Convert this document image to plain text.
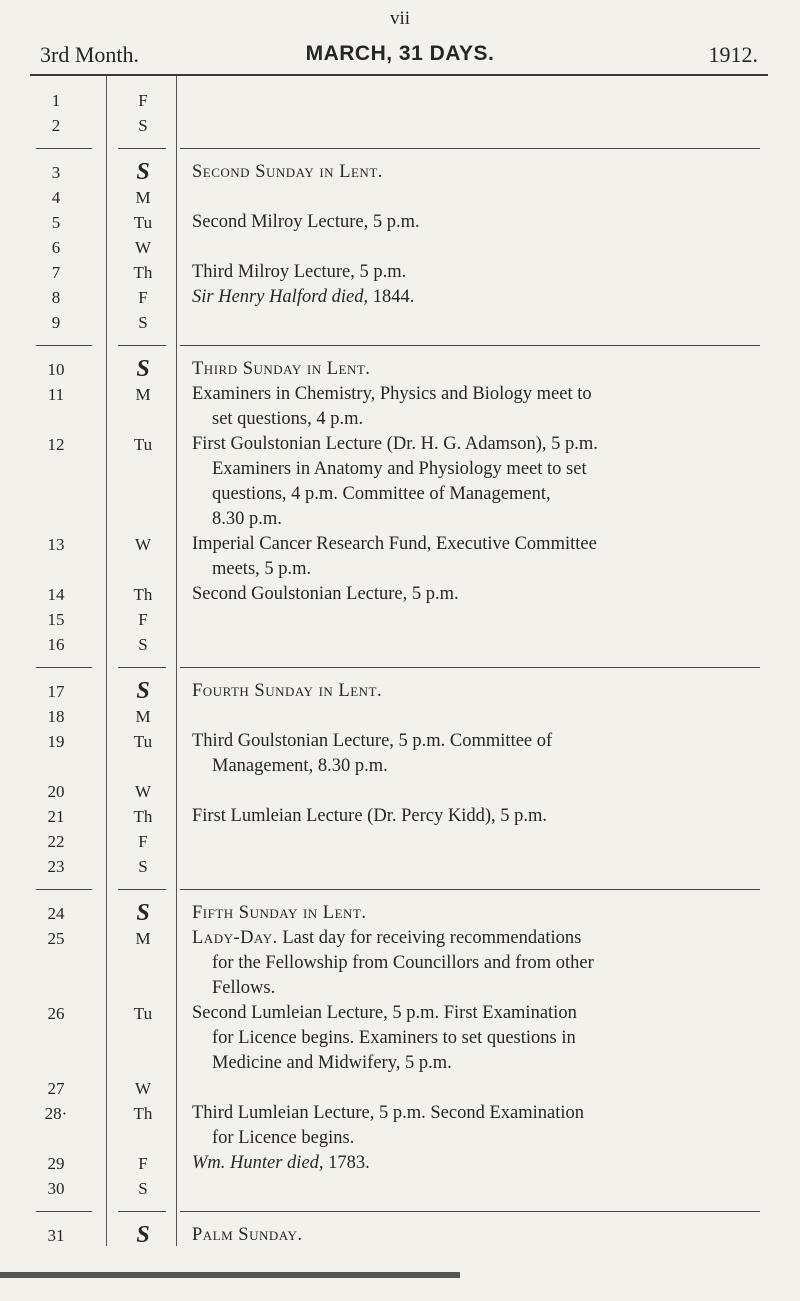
vii
3rd Month.	MARCH, 31 DAYS.	1912.
1	F
2	S
3	S	Second Sunday in Lent.
4	M
5	Tu	Second Milroy Lecture, 5 p.m.
6	W
7	Th	Third Milroy Lecture, 5 p.m.
8	F	Sir Henry Halford died, 1844.
9	S
10	S	Third Sunday in Lent.
11	M	Examiners in Chemistry, Physics and Biology meet to
set questions, 4 p.m.
12	Tu	First Goulstonian Lecture (Dr. H. G. Adamson), 5 p.m.
Examiners in Anatomy and Physiology meet to set
questions, 4 p.m. Committee of Management,
8.30 p.m.
13	W	Imperial Cancer Research Fund, Executive Committee
meets, 5 p.m.
14	Th	Second Goulstonian Lecture, 5 p.m.
15	F
16	S
17	S	Fourth Sunday in Lent.
18	M
19	Tu	Third Goulstonian Lecture, 5 p.m. Committee of
Management, 8.30 p.m.
20	W
21	Th	First Lumleian Lecture (Dr. Percy Kidd), 5 p.m.
22	F
23	S
24	S	Fifth Sunday in Lent.
25	M	Lady-Day. Last day for receiving recommendations
for the Fellowship from Councillors and from other
Fellows.
26	Tu	Second Lumleian Lecture, 5 p.m. First Examination
for Licence begins. Examiners to set questions in
Medicine and Midwifery, 5 p.m.
27	W
28·	Th	Third Lumleian Lecture, 5 p.m. Second Examination
for Licence begins.
29	F	Wm. Hunter died, 1783.
30	S
31	S	Palm Sunday.
